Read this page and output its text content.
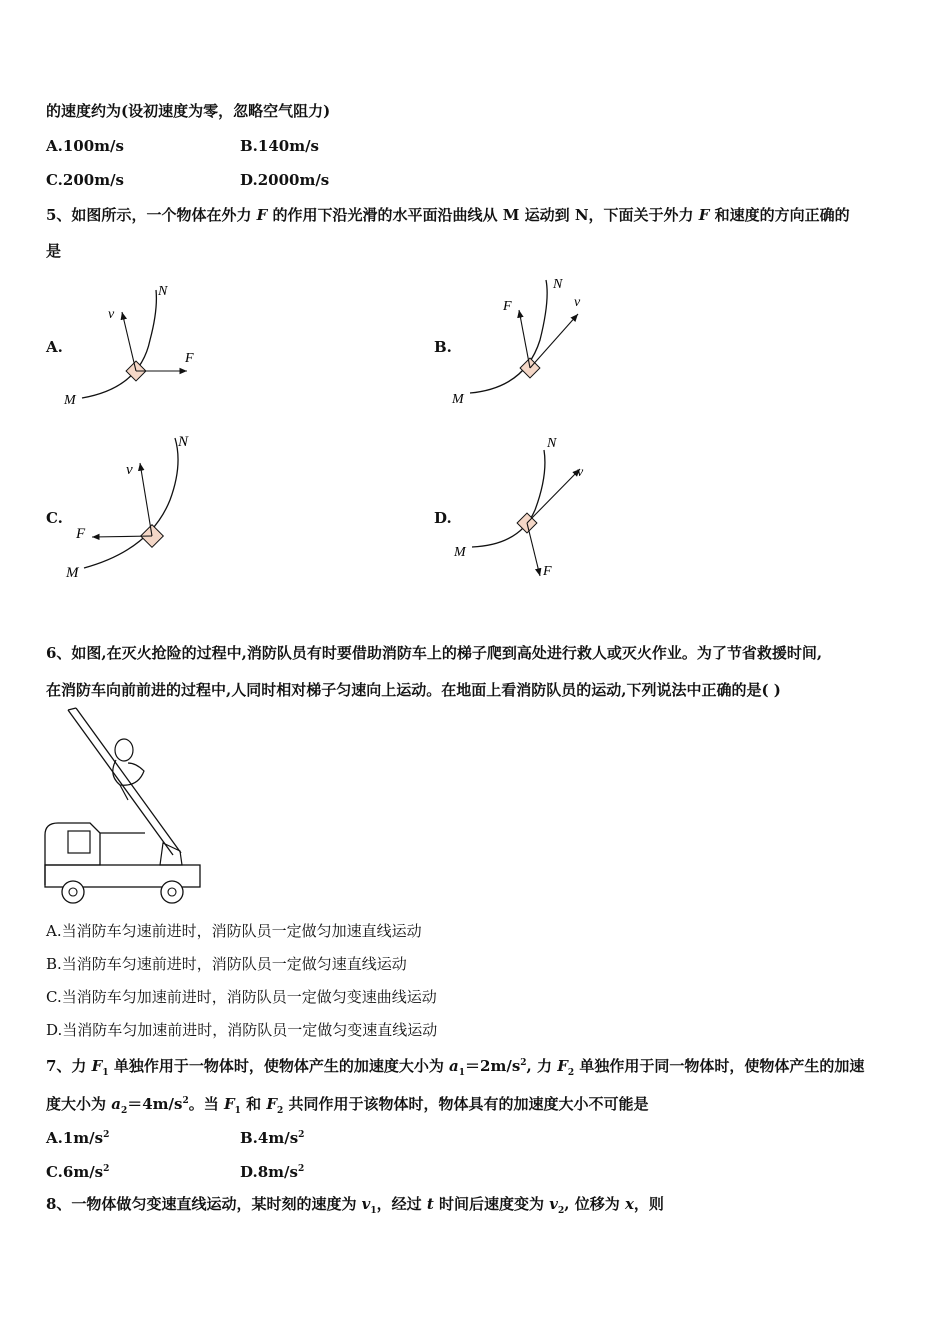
的速度约为(设初速度为零，忽略空气阻力)
A.100m/s	B.140m/s
C.200m/s	D.2000m/s
5、如图所示，一个物体在外力 F 的作用下沿光滑的水平面沿曲线从 M 运动到 N，下面关于外力 F 和速度的方向正确的
是
A.	B.
C.	D.
N
v
F
M
N
F	v
M
N
v
F
M
N
v
F
M
6、如图,在灭火抢险的过程中,消防队员有时要借助消防车上的梯子爬到高处进行救人或灭火作业。为了节省救援时间,
在消防车向前前进的过程中,人同时相对梯子匀速向上运动。在地面上看消防队员的运动,下列说法中正确的是( )
A.当消防车匀速前进时，消防队员一定做匀加速直线运动
B.当消防车匀速前进时，消防队员一定做匀速直线运动
C.当消防车匀加速前进时，消防队员一定做匀变速曲线运动
D.当消防车匀加速前进时，消防队员一定做匀变速直线运动
7、力 $F_1$ 单独作用于一物体时，使物体产生的加速度大小为 $a_1=2m/s^2$, 力 $F_2$ 单独作用于同一物体时，使物体产生的加速
度大小为 $a_2=4m/s^2$。当 $F_1$ 和 $F_2$ 共同作用于该物体时，物体具有的加速度大小不可能是
$A.1m/s^2$	$B.4m/s^2$
$C.6m/s^2$	$D.8m/s^2$
8、一物体做匀变速直线运动，某时刻的速度为 $v_1$，经过 t 时间后速度变为 $v_2$, 位移为 x，则
